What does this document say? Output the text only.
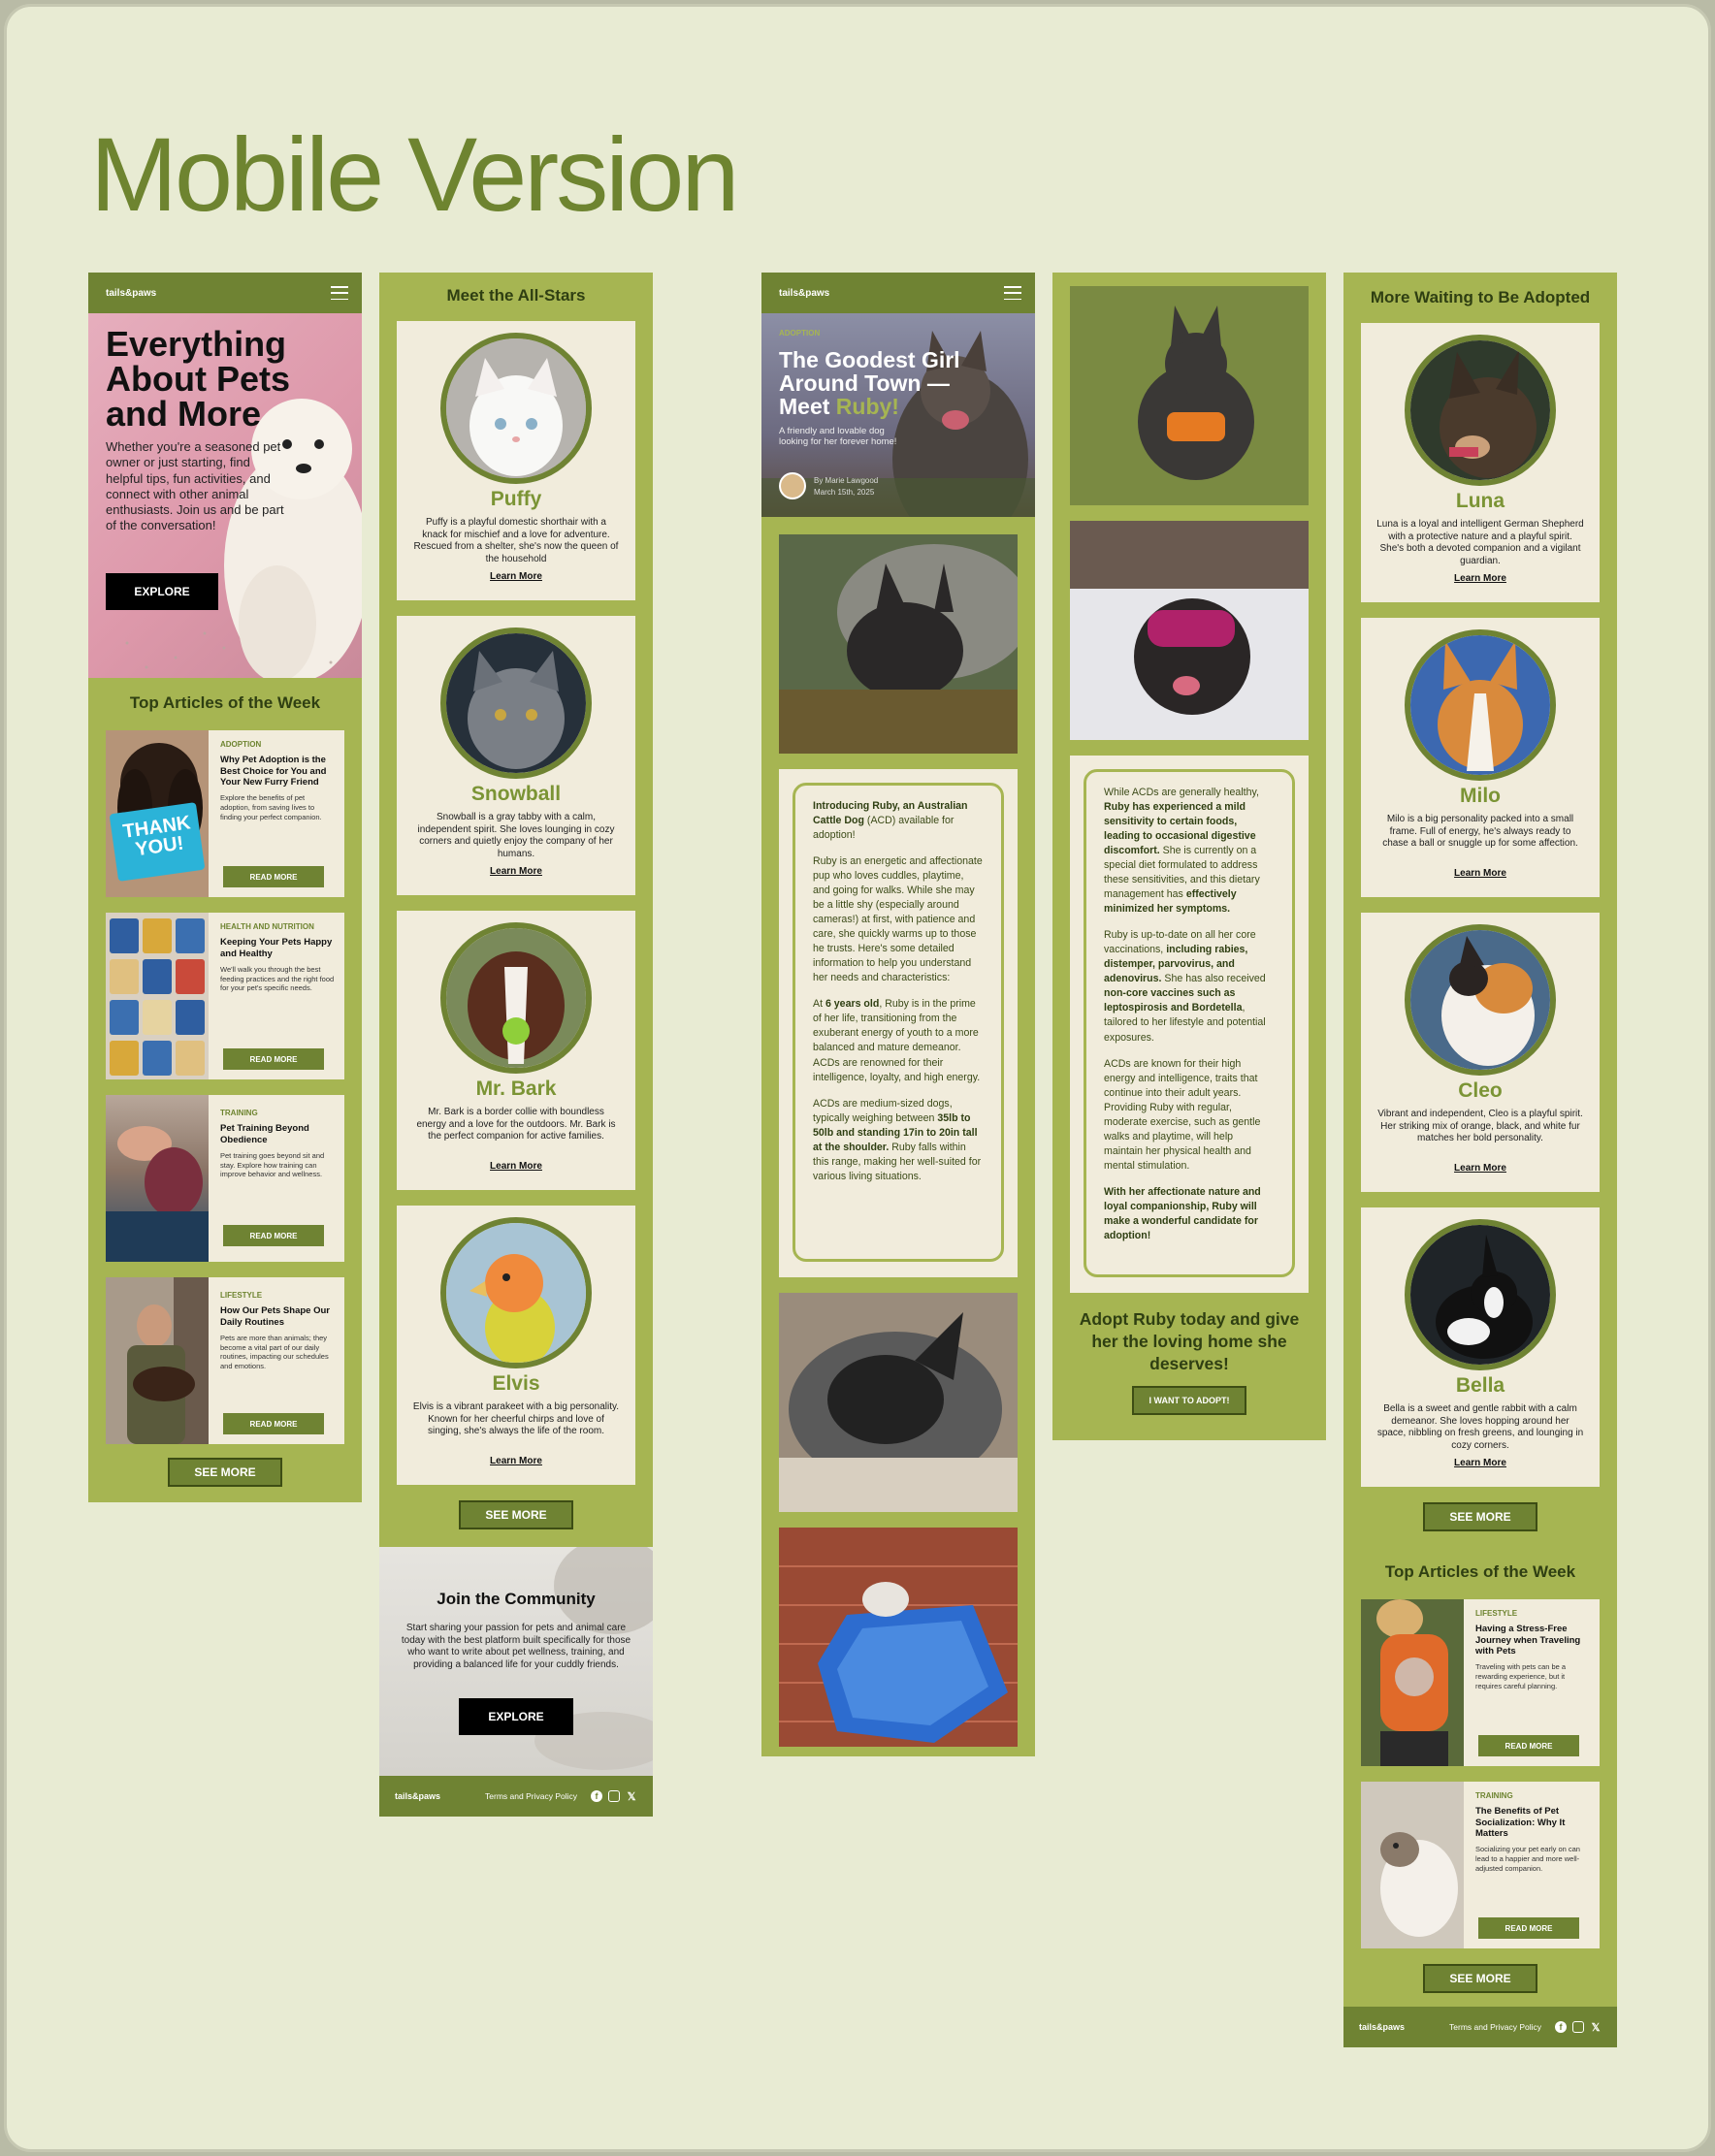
Mobile Version
tails&paws
Everything About Pets and More
Whether you're a seasoned pet owner or just starting, find helpful tips, fun activities, and connect with other animal enthusiasts. Join us and be part of the conversation!
EXPLORE
Top Articles of the Week
THANK YOU!
ADOPTION
Why Pet Adoption is the Best Choice for You and Your New Furry Friend
Explore the benefits of pet adoption, from saving lives to finding your perfect companion.
READ MORE
HEALTH AND NUTRITION
Keeping Your Pets Happy and Healthy
We'll walk you through the best feeding practices and the right food for your pet's specific needs.
READ MORE
TRAINING
Pet Training Beyond Obedience
Pet training goes beyond sit and stay. Explore how training can improve behavior and wellness.
READ MORE
LIFESTYLE
How Our Pets Shape Our Daily Routines
Pets are more than animals; they become a vital part of our daily routines, impacting our schedules and emotions.
READ MORE
SEE MORE
Meet the All-Stars
Puffy
Puffy is a playful domestic shorthair with a knack for mischief and a love for adventure. Rescued from a shelter, she's now the queen of the household
Learn More
Snowball
Snowball is a gray tabby with a calm, independent spirit. She loves lounging in cozy corners and quietly enjoy the company of her humans.
Learn More
Mr. Bark
Mr. Bark is a border collie with boundless energy and a love for the outdoors. Mr. Bark is the perfect companion for active families.
Learn More
Elvis
Elvis is a vibrant parakeet with a big personality. Known for her cheerful chirps and love of singing, she's always the life of the room.
Learn More
SEE MORE
Join the Community
Start sharing your passion for pets and animal care today with the best platform built specifically for those who want to write about pet wellness, training, and providing a balanced life for your cuddly friends.
EXPLORE
tails&paws	Terms and Privacy Policy	f	𝕏
tails&paws
ADOPTION
The Goodest Girl Around Town — Meet Ruby!
A friendly and lovable dog looking for her forever home!
By Marie Lawgood
March 15th, 2025

Introducing Ruby, an Australian Cattle Dog (ACD) available for adoption!

Ruby is an energetic and affectionate pup who loves cuddles, playtime, and going for walks. While she may be a little shy (especially around cameras!) at first, with patience and care, she quickly warms up to those he trusts. Here's some detailed information to help you understand her needs and characteristics:

At 6 years old, Ruby is in the prime of her life, transitioning from the exuberant energy of youth to a more balanced and mature demeanor. ACDs are renowned for their intelligence, loyalty, and high energy.

ACDs are medium-sized dogs, typically weighing between 35lb to 50lb and standing 17in to 20in tall at the shoulder. Ruby falls within this range, making her well-suited for various living situations.

While ACDs are generally healthy, Ruby has experienced a mild sensitivity to certain foods, leading to occasional digestive discomfort. She is currently on a special diet formulated to address these sensitivities, and this dietary management has effectively minimized her symptoms.

Ruby is up-to-date on all her core vaccinations, including rabies, distemper, parvovirus, and adenovirus. She has also received non-core vaccines such as leptospirosis and Bordetella, tailored to her lifestyle and potential exposures.

ACDs are known for their high energy and intelligence, traits that continue into their adult years. Providing Ruby with regular, moderate exercise, such as gentle walks and playtime, will help maintain her physical health and mental stimulation.

With her affectionate nature and loyal companionship, Ruby will make a wonderful candidate for adoption!

Adopt Ruby today and give her the loving home she deserves!
I WANT TO ADOPT!
More Waiting to Be Adopted
Luna
Luna is a loyal and intelligent German Shepherd with a protective nature and a playful spirit. She's both a devoted companion and a vigilant guardian.
Learn More
Milo
Milo is a big personality packed into a small frame. Full of energy, he's always ready to chase a ball or snuggle up for some affection.
Learn More
Cleo
Vibrant and independent, Cleo is a playful spirit. Her striking mix of orange, black, and white fur matches her bold personality.
Learn More
Bella
Bella is a sweet and gentle rabbit with a calm demeanor. She loves hopping around her space, nibbling on fresh greens, and lounging in cozy corners.
Learn More
SEE MORE
Top Articles of the Week
LIFESTYLE
Having a Stress-Free Journey when Traveling with Pets
Traveling with pets can be a rewarding experience, but it requires careful planning.
READ MORE
TRAINING
The Benefits of Pet Socialization: Why It Matters
Socializing your pet early on can lead to a happier and more well-adjusted companion.
READ MORE
SEE MORE
tails&paws	Terms and Privacy Policy	f	𝕏
